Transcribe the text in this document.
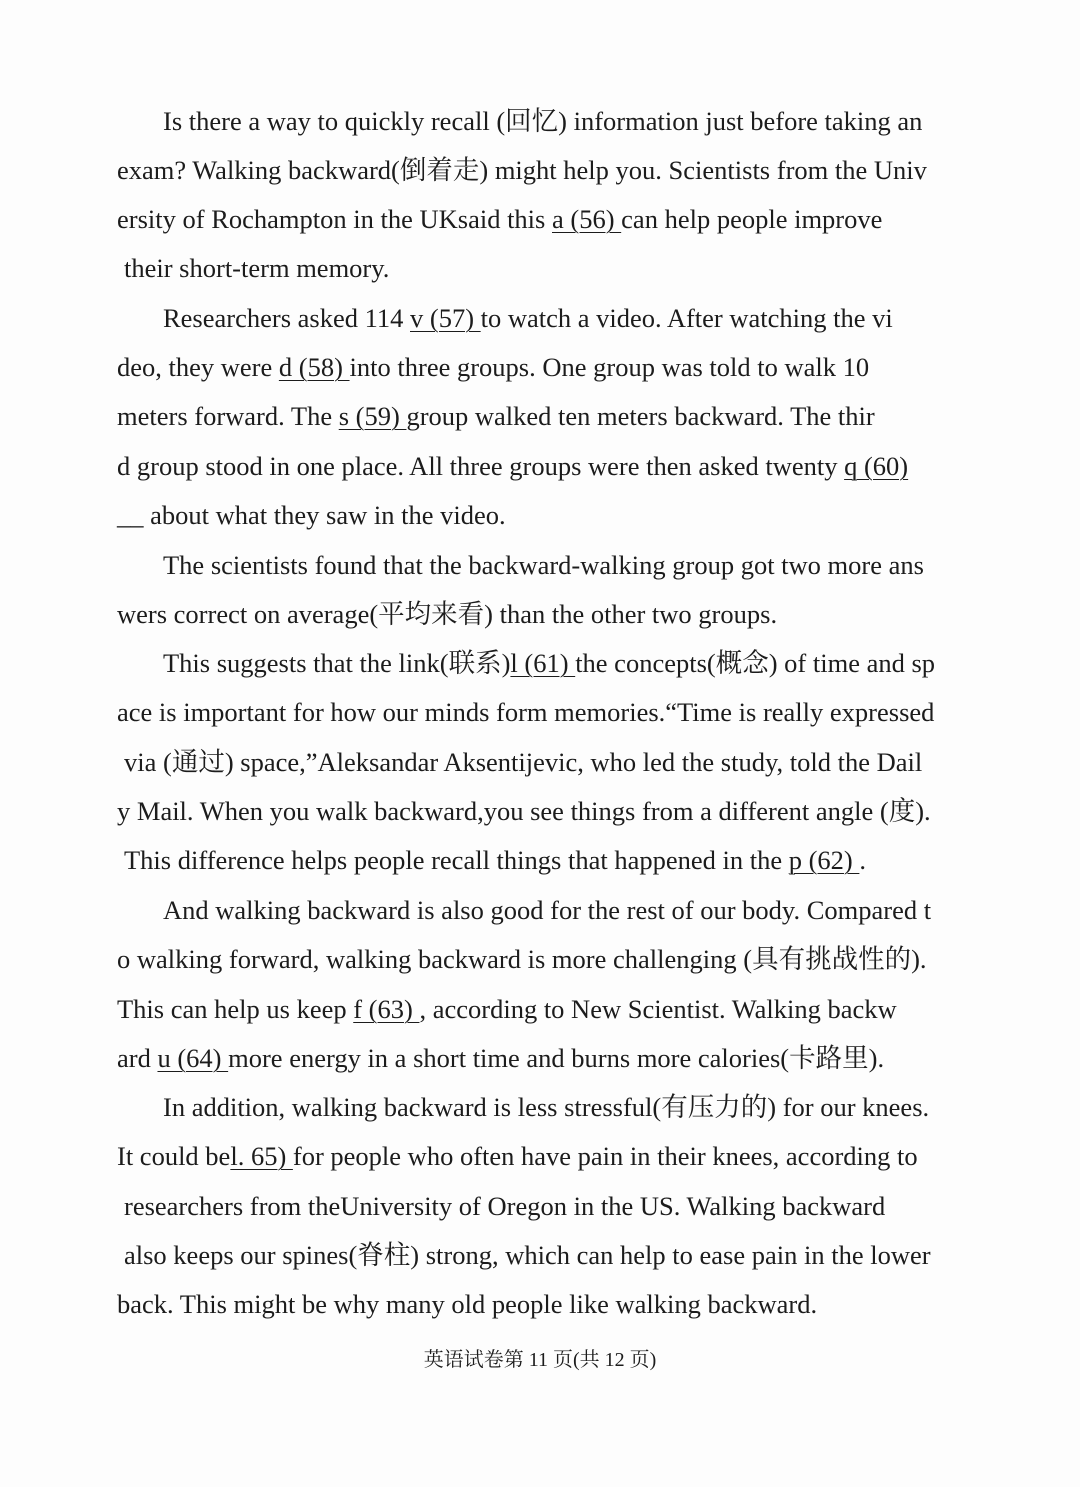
Is there a way to quickly recall (回忆) information just before taking an
exam? Walking backward(倒着走) might help you. Scientists from the Univ
ersity of Rochampton in the UKsaid this a (56) can help people improve
their short-term memory.
Researchers asked 114 v (57) to watch a video. After watching the vi
deo, they were d (58) into three groups. One group was told to walk 10
meters forward. The s (59) group walked ten meters backward. The thir
d group stood in one place. All three groups were then asked twenty q (60)
__ about what they saw in the video.
The scientists found that the backward-walking group got two more ans
wers correct on average(平均来看) than the other two groups.
This suggests that the link(联系)l (61) the concepts(概念) of time and sp
ace is important for how our minds form memories.“Time is really expressed
via (通过) space,”Aleksandar Aksentijevic, who led the study, told the Dail
y Mail. When you walk backward,you see things from a different angle (度).
This difference helps people recall things that happened in the p (62) .
And walking backward is also good for the rest of our body. Compared t
o walking forward, walking backward is more challenging (具有挑战性的).
This can help us keep f (63) , according to New Scientist. Walking backw
ard u (64) more energy in a short time and burns more calories(卡路里).
In addition, walking backward is less stressful(有压力的) for our knees.
It could bel. 65) for people who often have pain in their knees, according to
researchers from theUniversity of Oregon in the US. Walking backward
also keeps our spines(脊柱) strong, which can help to ease pain in the lower
back. This might be why many old people like walking backward.
英语试卷第 11 页(共 12 页)
